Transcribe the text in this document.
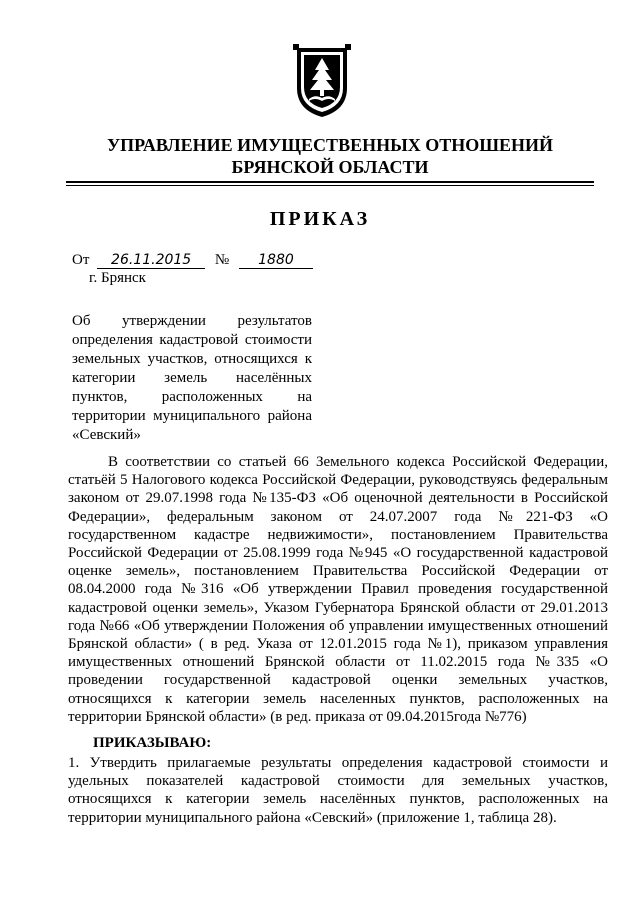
УПРАВЛЕНИЕ ИМУЩЕСТВЕННЫХ ОТНОШЕНИЙ
БРЯНСКОЙ ОБЛАСТИ
ПРИКАЗ
От 26.11.2015 № 1880
г. Брянск
Об утверждении результатов определения кадастровой стоимости земельных участков, относящихся к категории земель населённых пунктов, расположенных на территории муниципального района «Севский»
В соответствии со статьей 66 Земельного кодекса Российской Федерации, статьёй 5 Налогового кодекса Российской Федерации, руководствуясь федеральным законом от 29.07.1998 года №135-ФЗ «Об оценочной деятельности в Российской Федерации», федеральным законом от 24.07.2007 года №221-ФЗ «О государственном кадастре недвижимости», постановлением Правительства Российской Федерации от 25.08.1999 года №945 «О государственной кадастровой оценке земель», постановлением Правительства Российской Федерации от 08.04.2000 года №316 «Об утверждении Правил проведения государственной кадастровой оценки земель», Указом Губернатора Брянской области от 29.01.2013 года №66 «Об утверждении Положения об управлении имущественных отношений Брянской области» ( в ред. Указа от 12.01.2015 года №1), приказом управления имущественных отношений Брянской области от 11.02.2015 года №335 «О проведении государственной кадастровой оценки земельных участков, относящихся к категории земель населенных пунктов, расположенных на территории Брянской области» (в ред. приказа от 09.04.2015года №776)
ПРИКАЗЫВАЮ:
1. Утвердить прилагаемые результаты определения кадастровой стоимости и удельных показателей кадастровой стоимости для земельных участков, относящихся к категории земель населённых пунктов, расположенных на территории муниципального района «Севский» (приложение 1, таблица 28).
